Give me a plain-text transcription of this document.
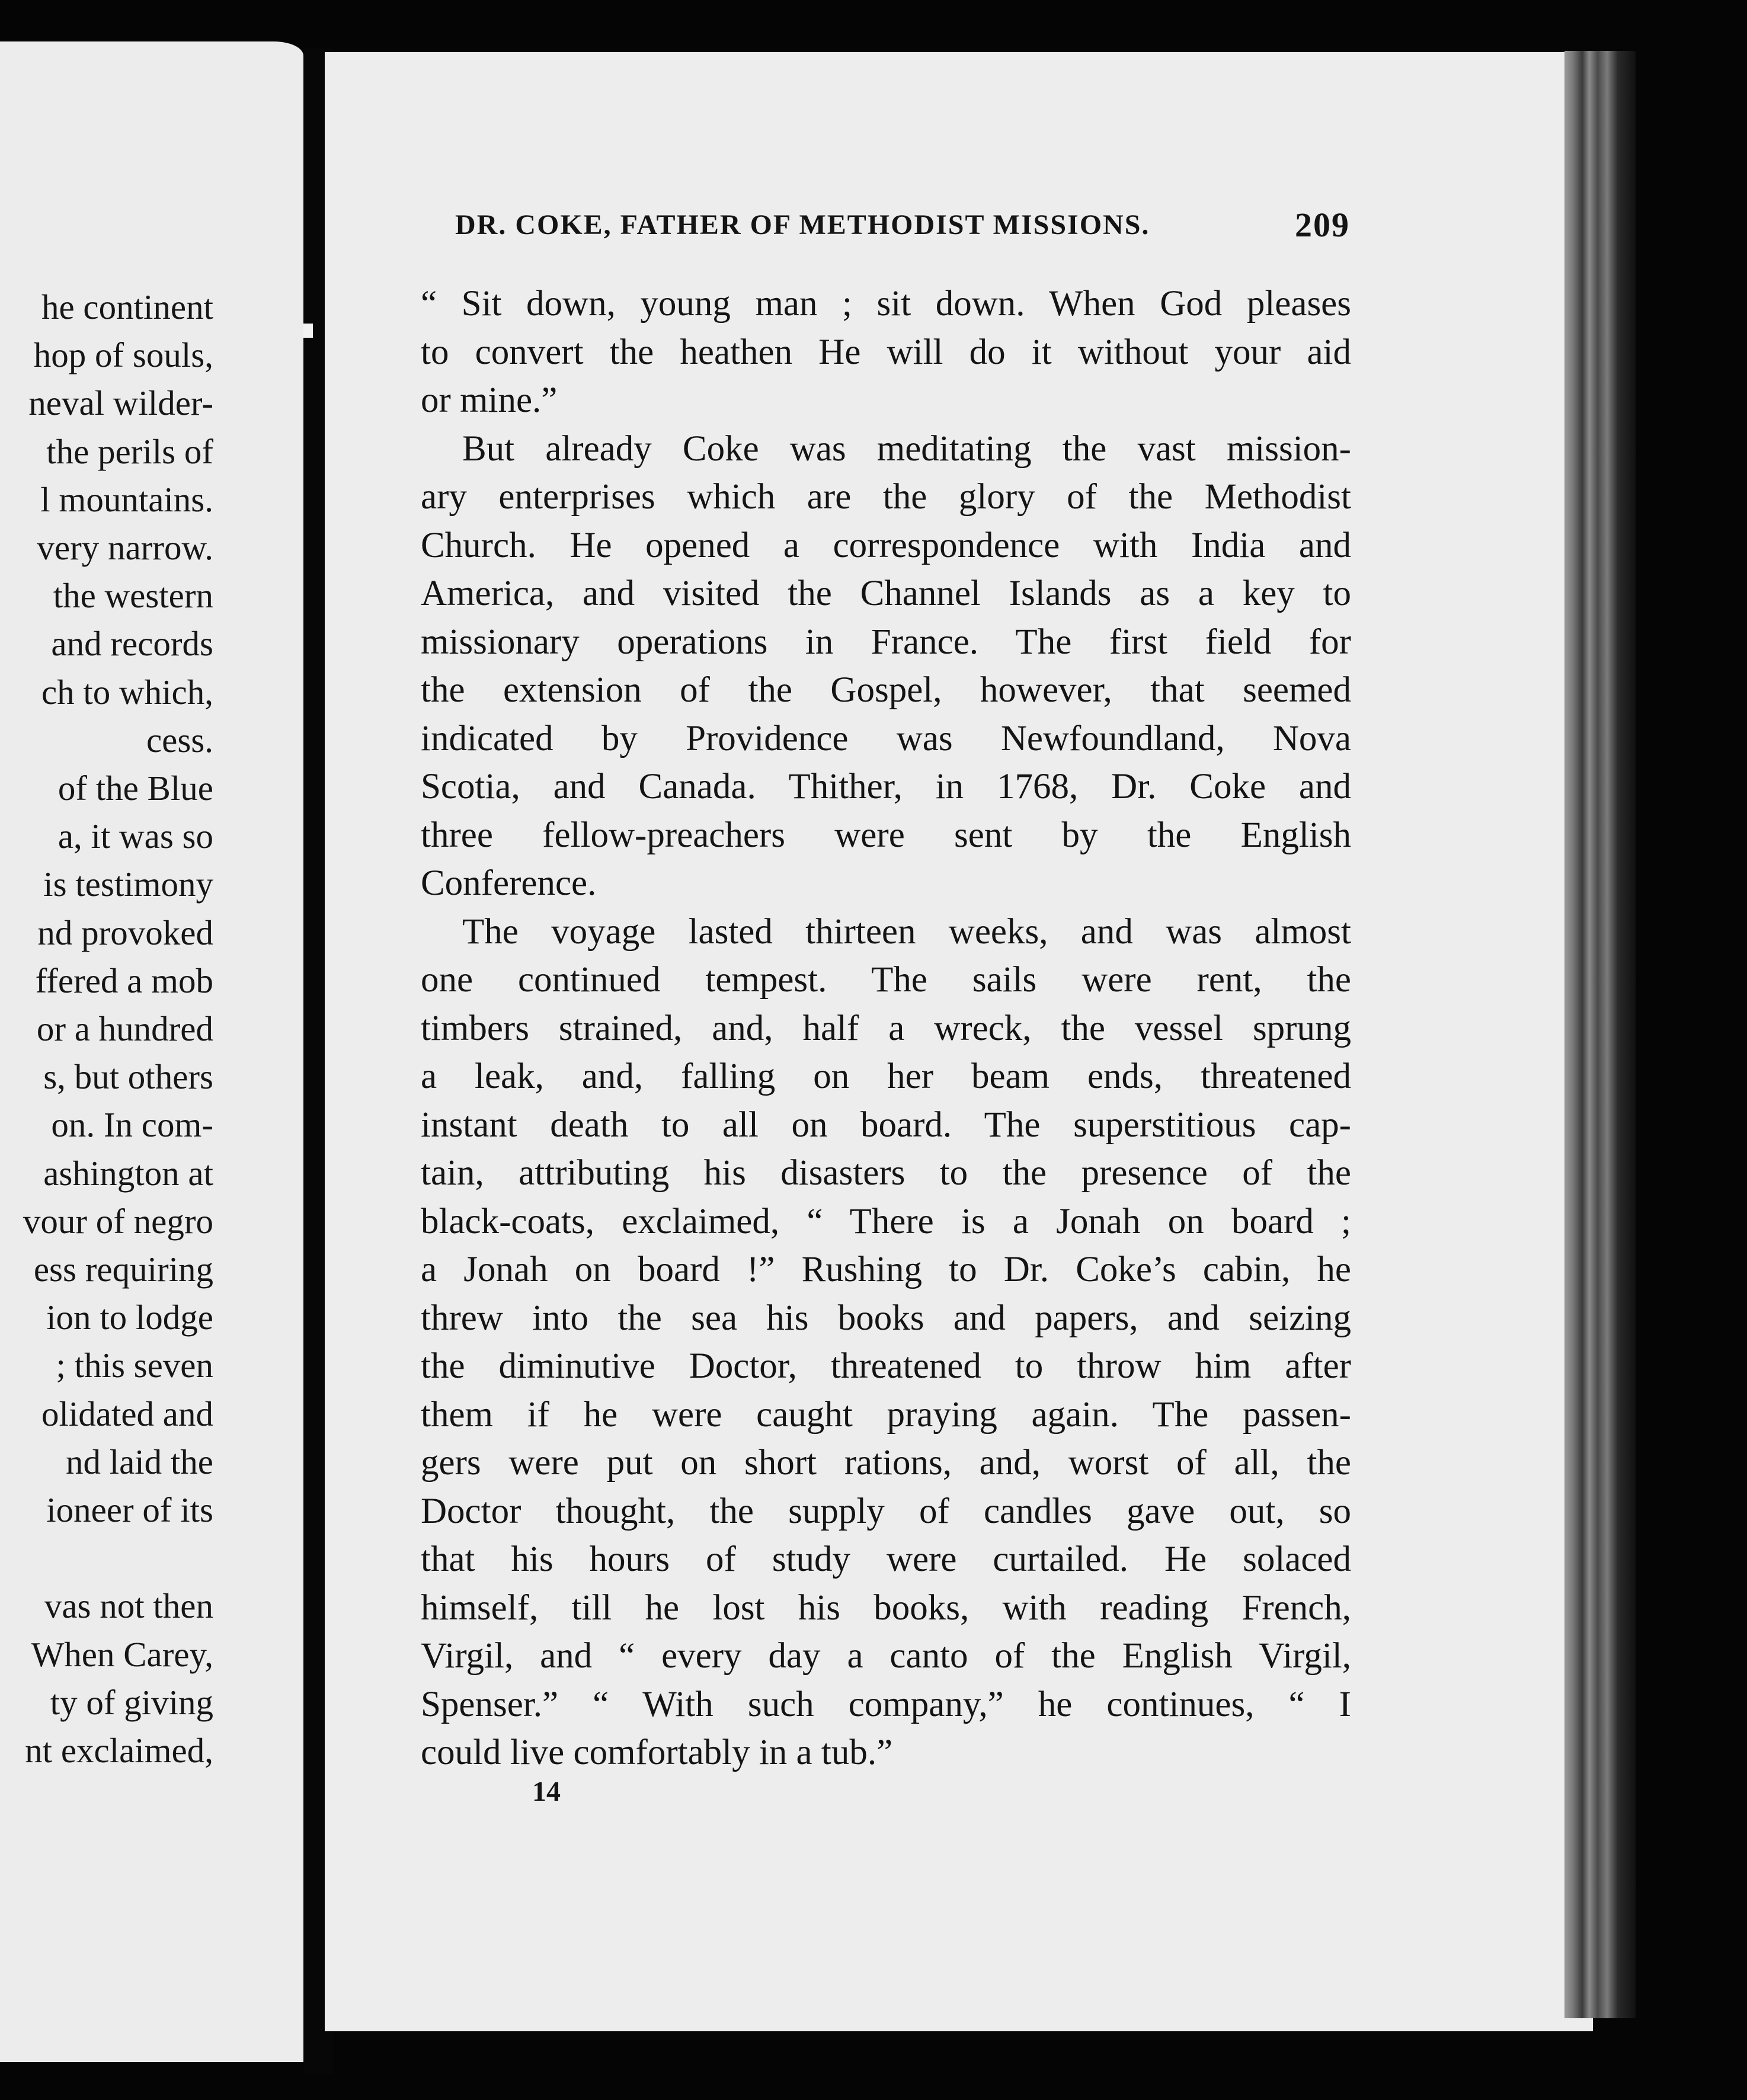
he continent
hop of souls,
neval wilder-
the perils of
l mountains.
very narrow.
the western
and records
ch to which,
cess.
of the Blue
a, it was so
is testimony
nd provoked
ffered a mob
or a hundred
s, but others
on. In com-
ashington at
vour of negro
ess requiring
ion to lodge
; this seven
olidated and
nd laid the
ioneer of its
vas not then
When Carey,
ty of giving
nt exclaimed,
DR. COKE, FATHER OF METHODIST MISSIONS.	209
“ Sit down, young man ; sit down. When God pleases
to convert the heathen He will do it without your aid
or mine.”
But already Coke was meditating the vast mission-
ary enterprises which are the glory of the Methodist
Church. He opened a correspondence with India and
America, and visited the Channel Islands as a key to
missionary operations in France. The first field for
the extension of the Gospel, however, that seemed
indicated by Providence was Newfoundland, Nova
Scotia, and Canada. Thither, in 1768, Dr. Coke and
three fellow-preachers were sent by the English
Conference.
The voyage lasted thirteen weeks, and was almost
one continued tempest. The sails were rent, the
timbers strained, and, half a wreck, the vessel sprung
a leak, and, falling on her beam ends, threatened
instant death to all on board. The superstitious cap-
tain, attributing his disasters to the presence of the
black-coats, exclaimed, “ There is a Jonah on board ;
a Jonah on board !” Rushing to Dr. Coke’s cabin, he
threw into the sea his books and papers, and seizing
the diminutive Doctor, threatened to throw him after
them if he were caught praying again. The passen-
gers were put on short rations, and, worst of all, the
Doctor thought, the supply of candles gave out, so
that his hours of study were curtailed. He solaced
himself, till he lost his books, with reading French,
Virgil, and “ every day a canto of the English Virgil,
Spenser.” “ With such company,” he continues, “ I
could live comfortably in a tub.”
14
